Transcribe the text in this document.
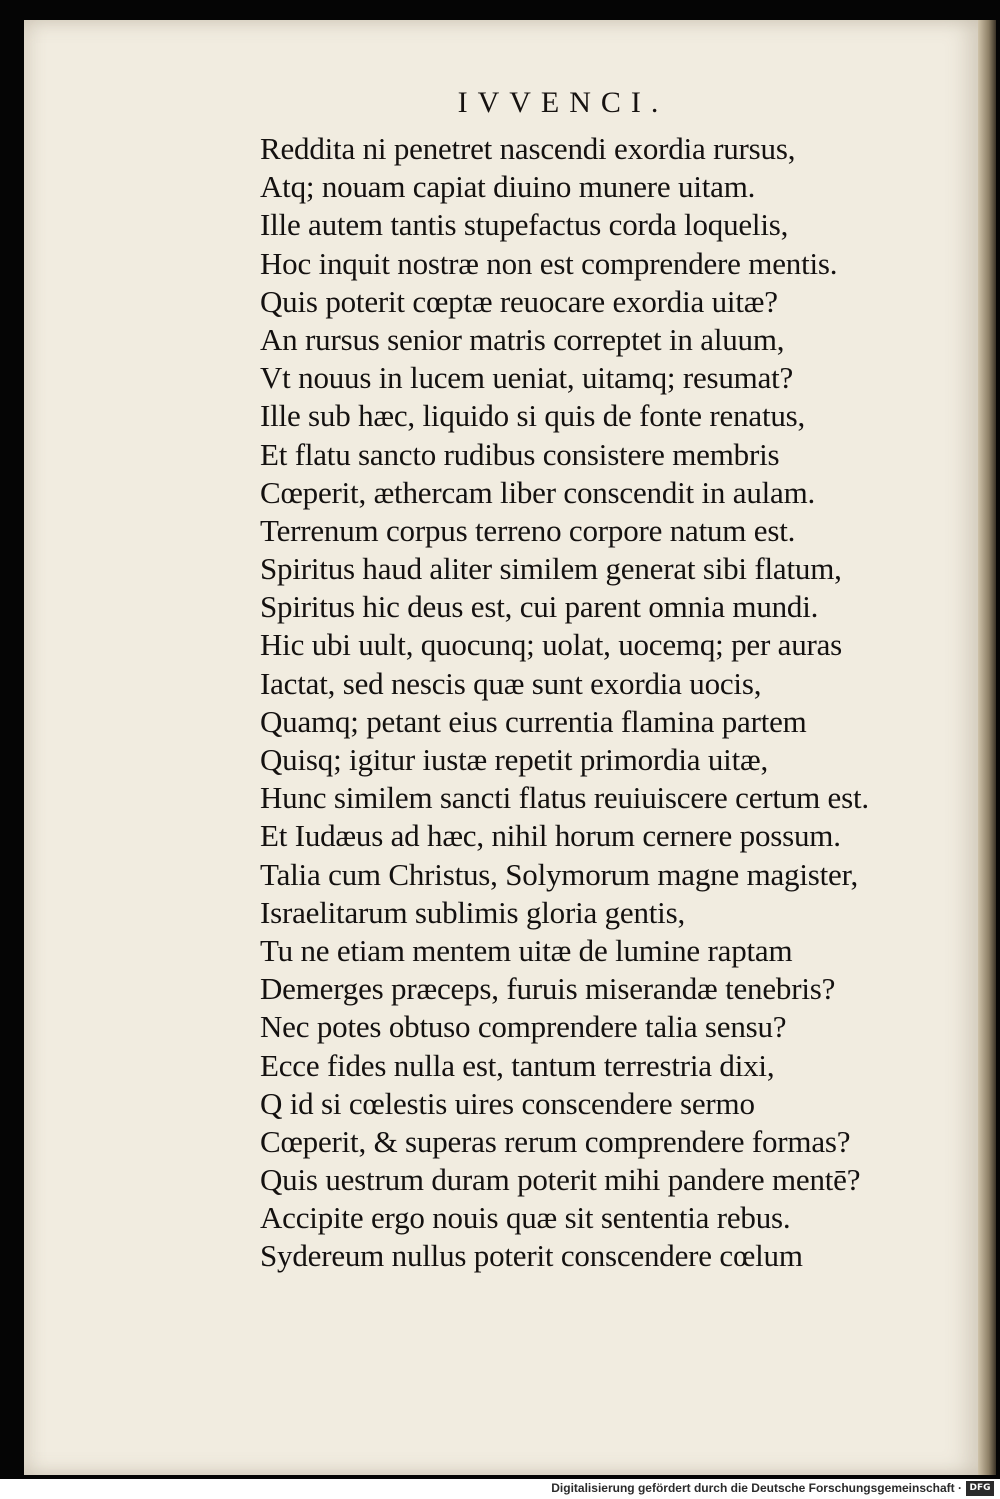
IVVENCI.
Reddita ni penetret nascendi exordia rursus,
Atq; nouam capiat diuino munere uitam.
Ille autem tantis stupefactus corda loquelis,
Hoc inquit nostræ non est comprendere mentis.
Quis poterit cœptæ reuocare exordia uitæ?
An rursus senior matris correptet in aluum,
Vt nouus in lucem ueniat, uitamq; resumat?
Ille sub hæc, liquido si quis de fonte renatus,
Et flatu sancto rudibus consistere membris
Cœperit, æthercam liber conscendit in aulam.
Terrenum corpus terreno corpore natum est.
Spiritus haud aliter similem generat sibi flatum,
Spiritus hic deus est, cui parent omnia mundi.
Hic ubi uult, quocunq; uolat, uocemq; per auras
Iactat, sed nescis quæ sunt exordia uocis,
Quamq; petant eius currentia flamina partem
Quisq; igitur iustæ repetit primordia uitæ,
Hunc similem sancti flatus reuiuiscere certum est.
Et Iudæus ad hæc, nihil horum cernere possum.
Talia cum Christus, Solymorum magne magister,
Israelitarum sublimis gloria gentis,
Tu ne etiam mentem uitæ de lumine raptam
Demerges præceps, furuis miserandæ tenebris?
Nec potes obtuso comprendere talia sensu?
Ecce fides nulla est, tantum terrestria dixi,
Q id si cœlestis uires conscendere sermo
Cœperit, & superas rerum comprendere formas?
Quis uestrum duram poterit mihi pandere mentē?
Accipite ergo nouis quæ sit sententia rebus.
Sydereum nullus poterit conscendere cœlum
Digitalisierung gefördert durch die Deutsche Forschungsgemeinschaft · DFG
